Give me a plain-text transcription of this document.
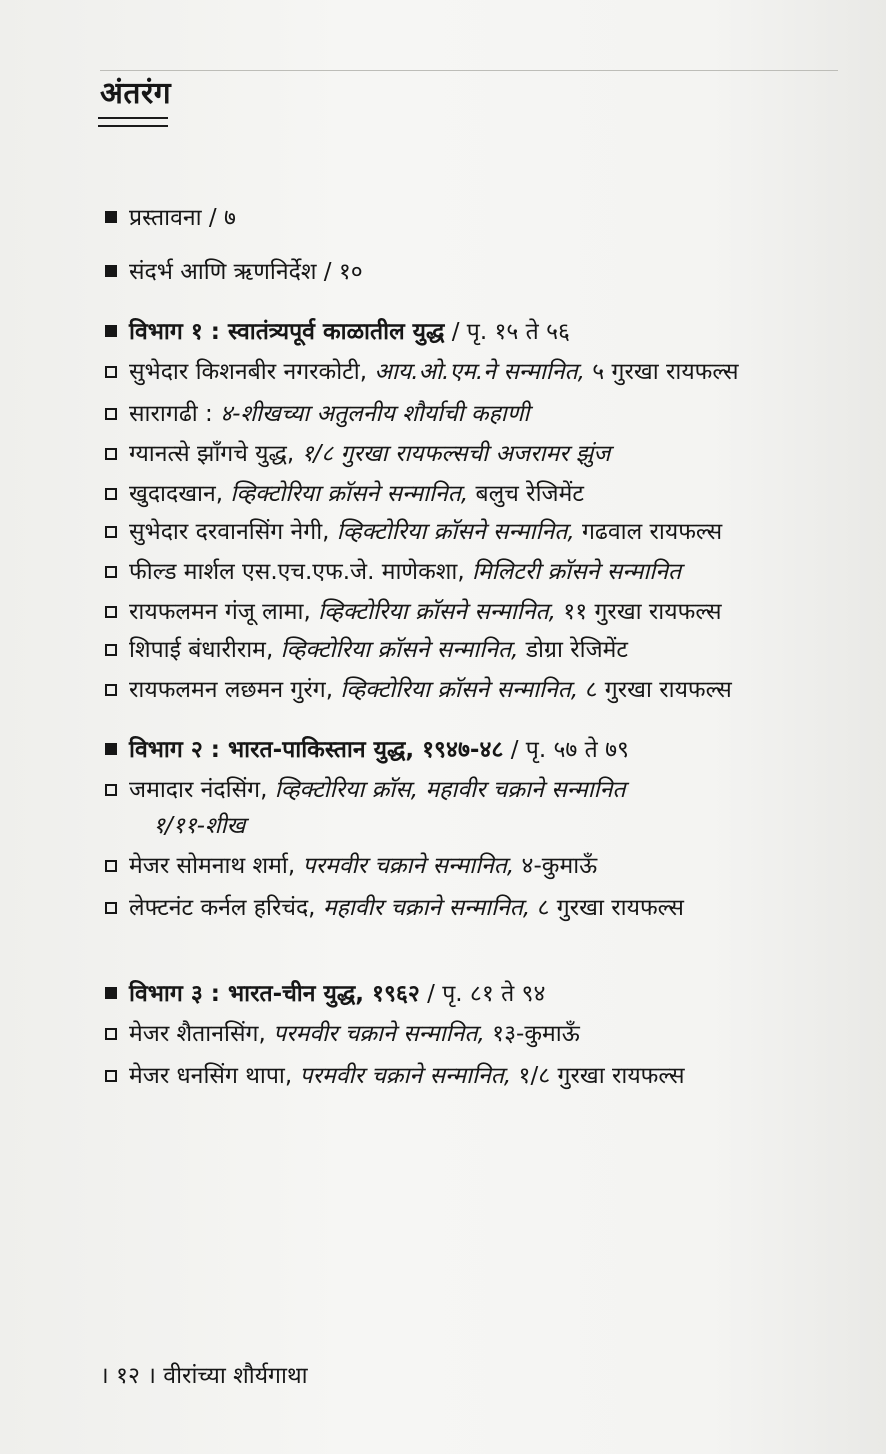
अंतरंग
प्रस्तावना / ७
संदर्भ आणि ऋणनिर्देश / १०
विभाग १ : स्वातंत्र्यपूर्व काळातील युद्ध / पृ. १५ ते ५६
सुभेदार किशनबीर नगरकोटी, आय.ओ.एम.ने सन्मानित, ५ गुरखा रायफल्स
सारागढी : ४-शीखच्या अतुलनीय शौर्याची कहाणी
ग्यानत्से झाँगचे युद्ध, १/८ गुरखा रायफल्सची अजरामर झुंज
खुदादखान, व्हिक्टोरिया क्रॉसने सन्मानित, बलुच रेजिमेंट
सुभेदार दरवानसिंग नेगी, व्हिक्टोरिया क्रॉसने सन्मानित, गढवाल रायफल्स
फील्ड मार्शल एस.एच.एफ.जे. माणेकशा, मिलिटरी क्रॉसने सन्मानित
रायफलमन गंजू लामा, व्हिक्टोरिया क्रॉसने सन्मानित, ११ गुरखा रायफल्स
शिपाई बंधारीराम, व्हिक्टोरिया क्रॉसने सन्मानित, डोग्रा रेजिमेंट
रायफलमन लछमन गुरंग, व्हिक्टोरिया क्रॉसने सन्मानित, ८ गुरखा रायफल्स
विभाग २ : भारत-पाकिस्तान युद्ध, १९४७-४८ / पृ. ५७ ते ७९
जमादार नंदसिंग, व्हिक्टोरिया क्रॉस, महावीर चक्राने सन्मानित
१/११-शीख
मेजर सोमनाथ शर्मा, परमवीर चक्राने सन्मानित, ४-कुमाऊँ
लेफ्टनंट कर्नल हरिचंद, महावीर चक्राने सन्मानित, ८ गुरखा रायफल्स
विभाग ३ : भारत-चीन युद्ध, १९६२ / पृ. ८१ ते ९४
मेजर शैतानसिंग, परमवीर चक्राने सन्मानित, १३-कुमाऊँ
मेजर धनसिंग थापा, परमवीर चक्राने सन्मानित, १/८ गुरखा रायफल्स
। १२ । वीरांच्या शौर्यगाथा
